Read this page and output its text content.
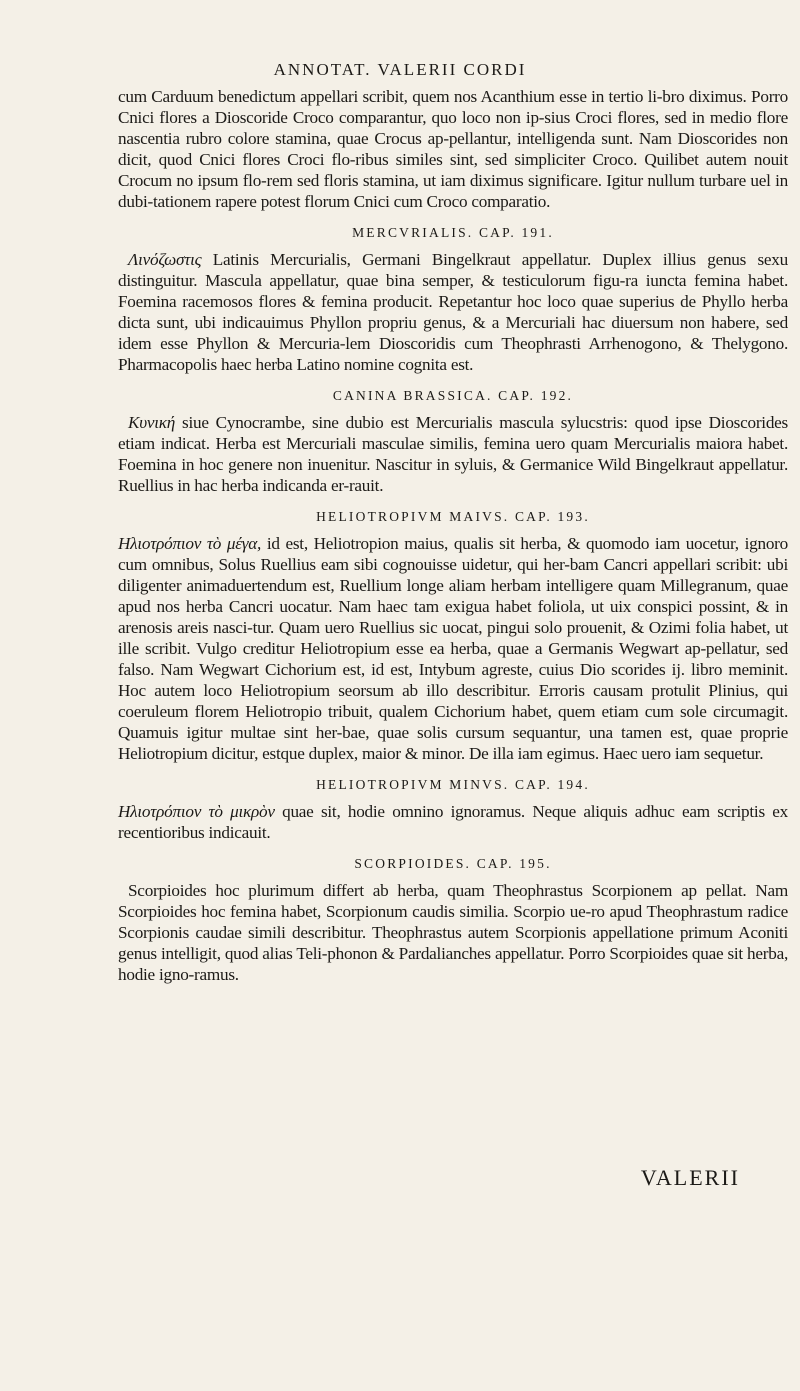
ANNOTAT. VALERII CORDI

cum Carduum benedictum appellari scribit, quem nos Acanthium esse in tertio li-bro diximus. Porro Cnici flores a Dioscoride Croco comparantur, quo loco non ip-sius Croci flores, sed in medio flore nascentia rubro colore stamina, quae Crocus ap-pellantur, intelligenda sunt. Nam Dioscorides non dicit, quod Cnici flores Croci flo-ribus similes sint, sed simpliciter Croco. Quilibet autem nouit Crocum no ipsum flo-rem sed floris stamina, ut iam diximus significare. Igitur nullum turbare uel in dubi-tationem rapere potest florum Cnici cum Croco comparatio.

MERCVRIALIS. CAP. 191.

Λινόζωστις Latinis Mercurialis, Germani Bingelkraut appellatur. Duplex illius genus sexu distinguitur. Mascula appellatur, quae bina semper, & testiculorum figu-ra iuncta femina habet. Foemina racemosos flores & femina producit. Repetantur hoc loco quae superius de Phyllo herba dicta sunt, ubi indicauimus Phyllon propriu genus, & a Mercuriali hac diuersum non habere, sed idem esse Phyllon & Mercuria-lem Dioscoridis cum Theophrasti Arrhenogono, & Thelygono. Pharmacopolis haec herba Latino nomine cognita est.

CANINA BRASSICA. CAP. 192.

Κυνική siue Cynocrambe, sine dubio est Mercurialis mascula sylucstris: quod ipse Dioscorides etiam indicat. Herba est Mercuriali masculae similis, femina uero quam Mercurialis maiora habet. Foemina in hoc genere non inuenitur. Nascitur in syluis, & Germanice Wild Bingelkraut appellatur. Ruellius in hac herba indicanda er-rauit.

HELIOTROPIVM MAIVS. CAP. 193.

Ηλιοτρόπιον τὸ μέγα, id est, Heliotropion maius, qualis sit herba, & quomodo iam uocetur, ignoro cum omnibus, Solus Ruellius eam sibi cognouisse uidetur, qui her-bam Cancri appellari scribit: ubi diligenter animaduertendum est, Ruellium longe aliam herbam intelligere quam Millegranum, quae apud nos herba Cancri uocatur. Nam haec tam exigua habet foliola, ut uix conspici possint, & in arenosis areis nasci-tur. Quam uero Ruellius sic uocat, pingui solo prouenit, & Ozimi folia habet, ut ille scribit. Vulgo creditur Heliotropium esse ea herba, quae a Germanis Wegwart ap-pellatur, sed falso. Nam Wegwart Cichorium est, id est, Intybum agreste, cuius Dio scorides ij. libro meminit. Hoc autem loco Heliotropium seorsum ab illo describitur. Erroris causam protulit Plinius, qui coeruleum florem Heliotropio tribuit, qualem Cichorium habet, quem etiam cum sole circumagit. Quamuis igitur multae sint her-bae, quae solis cursum sequantur, una tamen est, quae proprie Heliotropium dicitur, estque duplex, maior & minor. De illa iam egimus. Haec uero iam sequetur.

HELIOTROPIVM MINVS. CAP. 194.

Ηλιοτρόπιον τὸ μικρὸν quae sit, hodie omnino ignoramus. Neque aliquis adhuc eam scriptis ex recentioribus indicauit.

SCORPIOIDES. CAP. 195.

Scorpioides hoc plurimum differt ab herba, quam Theophrastus Scorpionem ap pellat. Nam Scorpioides hoc femina habet, Scorpionum caudis similia. Scorpio ue-ro apud Theophrastum radice Scorpionis caudae simili describitur. Theophrastus autem Scorpionis appellatione primum Aconiti genus intelligit, quod alias Teli-phonon & Pardalianches appellatur. Porro Scorpioides quae sit herba, hodie igno-ramus.

VALERII
